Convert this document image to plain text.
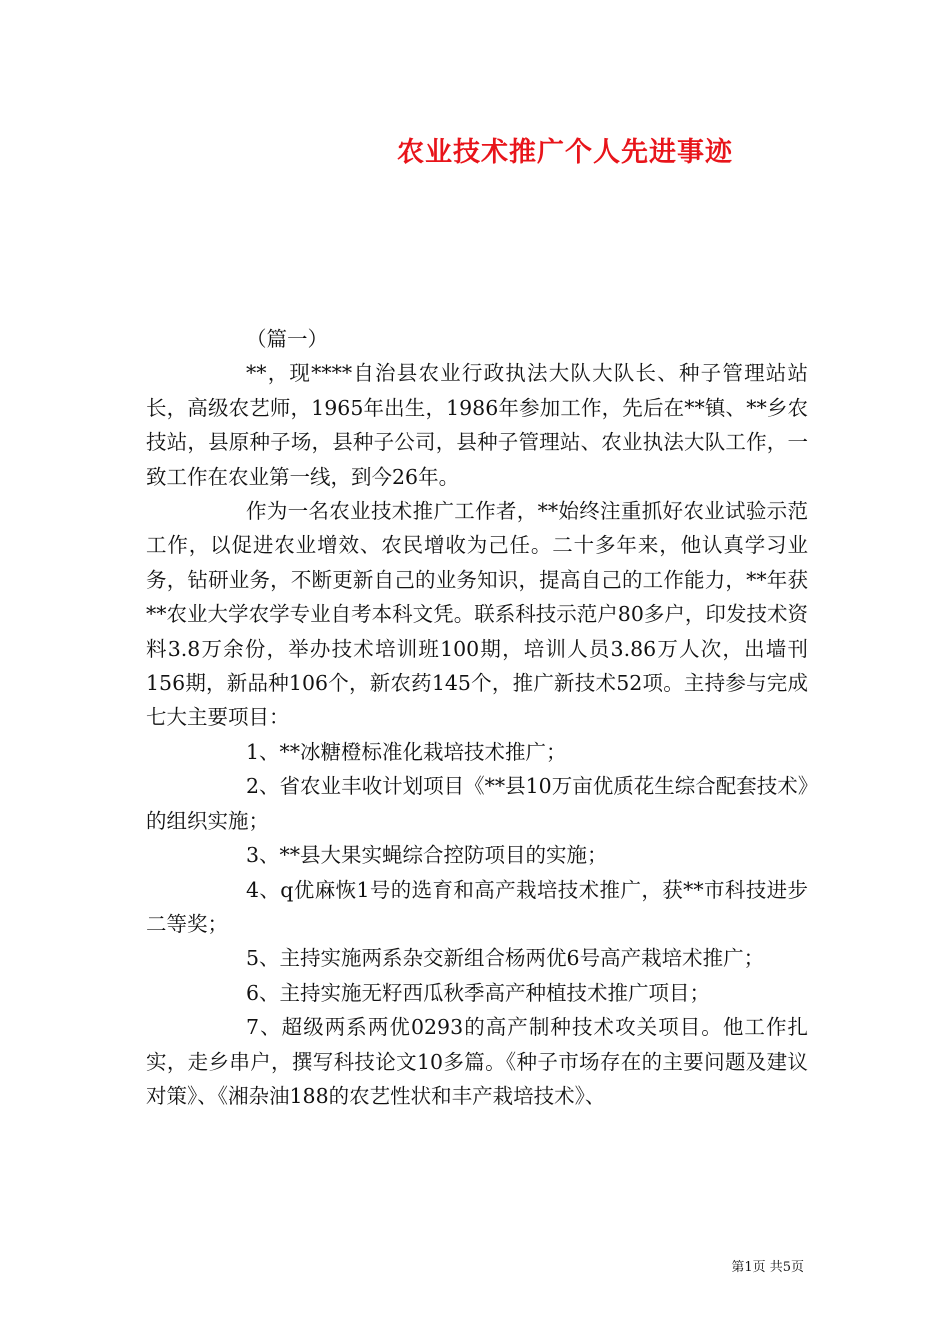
农业技术推广个人先进事迹

（篇一）

**，现****自治县农业行政执法大队大队长、种子管理站站长，高级农艺师，1965年出生，1986年参加工作，先后在**镇、**乡农技站，县原种子场，县种子公司，县种子管理站、农业执法大队工作，一致工作在农业第一线，到今26年。

作为一名农业技术推广工作者，**始终注重抓好农业试验示范工作，以促进农业增效、农民增收为己任。二十多年来，他认真学习业务，钻研业务，不断更新自己的业务知识，提高自己的工作能力，**年获**农业大学农学专业自考本科文凭。联系科技示范户80多户，印发技术资料3.8万余份，举办技术培训班100期，培训人员3.86万人次，出墙刊156期，新品种106个，新农药145个，推广新技术52项。主持参与完成七大主要项目：

1、**冰糖橙标准化栽培技术推广；

2、省农业丰收计划项目《**县10万亩优质花生综合配套技术》的组织实施；

3、**县大果实蝇综合控防项目的实施；

4、q优麻恢1号的选育和高产栽培技术推广，获**市科技进步二等奖；

5、主持实施两系杂交新组合杨两优6号高产栽培术推广；

6、主持实施无籽西瓜秋季高产种植技术推广项目；

7、超级两系两优0293的高产制种技术攻关项目。他工作扎实，走乡串户，撰写科技论文10多篇。《种子市场存在的主要问题及建议对策》、《湘杂油188的农艺性状和丰产栽培技术》、

第1页 共5页
